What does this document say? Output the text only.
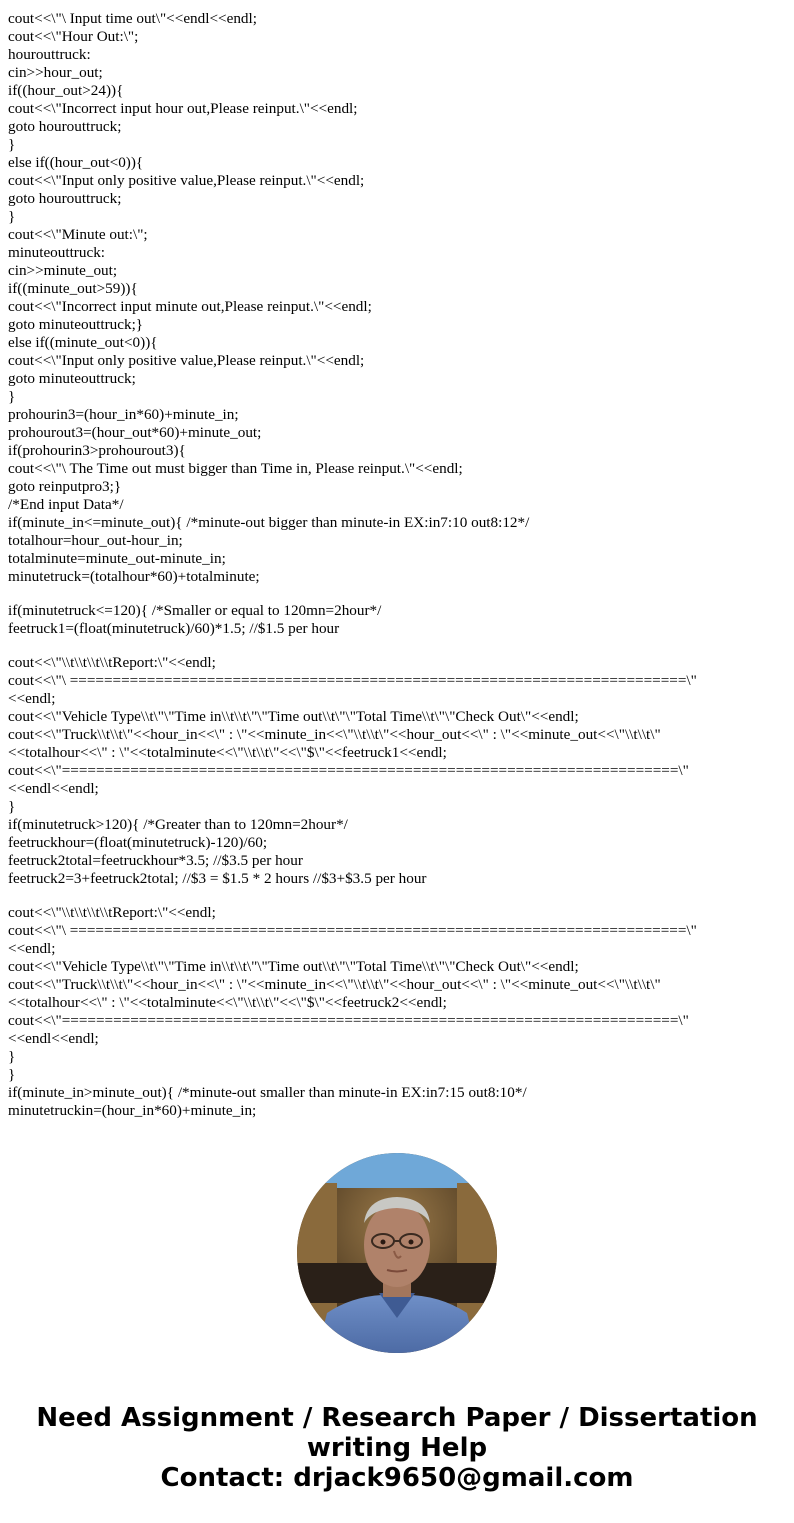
cout<<\"\ Input time out\"<<endl<<endl;
cout<<\"Hour Out:\";
hourouttruck:
cin>>hour_out;
if((hour_out>24)){
cout<<\"Incorrect input hour out,Please reinput.\"<<endl;
goto hourouttruck;
}
else if((hour_out<0)){
cout<<\"Input only positive value,Please reinput.\"<<endl;
goto hourouttruck;
}
cout<<\"Minute out:\";
minuteouttruck:
cin>>minute_out;
if((minute_out>59)){
cout<<\"Incorrect input minute out,Please reinput.\"<<endl;
goto minuteouttruck;}
else if((minute_out<0)){
cout<<\"Input only positive value,Please reinput.\"<<endl;
goto minuteouttruck;
}
prohourin3=(hour_in*60)+minute_in;
prohourout3=(hour_out*60)+minute_out;
if(prohourin3>prohourout3){
cout<<\"\ The Time out must bigger than Time in, Please reinput.\"<<endl;
goto reinputpro3;}
/*End input Data*/
if(minute_in<=minute_out){ /*minute-out bigger than minute-in EX:in7:10 out8:12*/
totalhour=hour_out-hour_in;
totalminute=minute_out-minute_in;
minutetruck=(totalhour*60)+totalminute;
if(minutetruck<=120){ /*Smaller or equal to 120mn=2hour*/
feetruck1=(float(minutetruck)/60)*1.5; //$1.5 per hour
cout<<\"\\t\\t\\t\\tReport:\"<<endl;
cout<<\"\ ========================================================================\"
<<endl;
cout<<\"Vehicle Type\\t\"\"Time in\\t\\t\"\"Time out\\t\"\"Total Time\\t\"\"Check Out\"<<endl;
cout<<\"Truck\\t\\t\"<<hour_in<<\" : \"<<minute_in<<\"\\t\\t\"<<hour_out<<\" : \"<<minute_out<<\"\\t\\t\"
<<totalhour<<\" : \"<<totalminute<<\"\\t\\t\"<<\"$\"<<feetruck1<<endl;
cout<<\"========================================================================\"
<<endl<<endl;
}
if(minutetruck>120){ /*Greater than to 120mn=2hour*/
feetruckhour=(float(minutetruck)-120)/60;
feetruck2total=feetruckhour*3.5; //$3.5 per hour
feetruck2=3+feetruck2total; //$3 = $1.5 * 2 hours //$3+$3.5 per hour
cout<<\"\\t\\t\\t\\tReport:\"<<endl;
cout<<\"\ ========================================================================\"
<<endl;
cout<<\"Vehicle Type\\t\"\"Time in\\t\\t\"\"Time out\\t\"\"Total Time\\t\"\"Check Out\"<<endl;
cout<<\"Truck\\t\\t\"<<hour_in<<\" : \"<<minute_in<<\"\\t\\t\"<<hour_out<<\" : \"<<minute_out<<\"\\t\\t\"
<<totalhour<<\" : \"<<totalminute<<\"\\t\\t\"<<\"$\"<<feetruck2<<endl;
cout<<\"========================================================================\"
<<endl<<endl;
}
}
if(minute_in>minute_out){ /*minute-out smaller than minute-in EX:in7:15 out8:10*/
minutetruckin=(hour_in*60)+minute_in;
Need Assignment / Research Paper / Dissertation
writing Help
Contact: drjack9650@gmail.com
